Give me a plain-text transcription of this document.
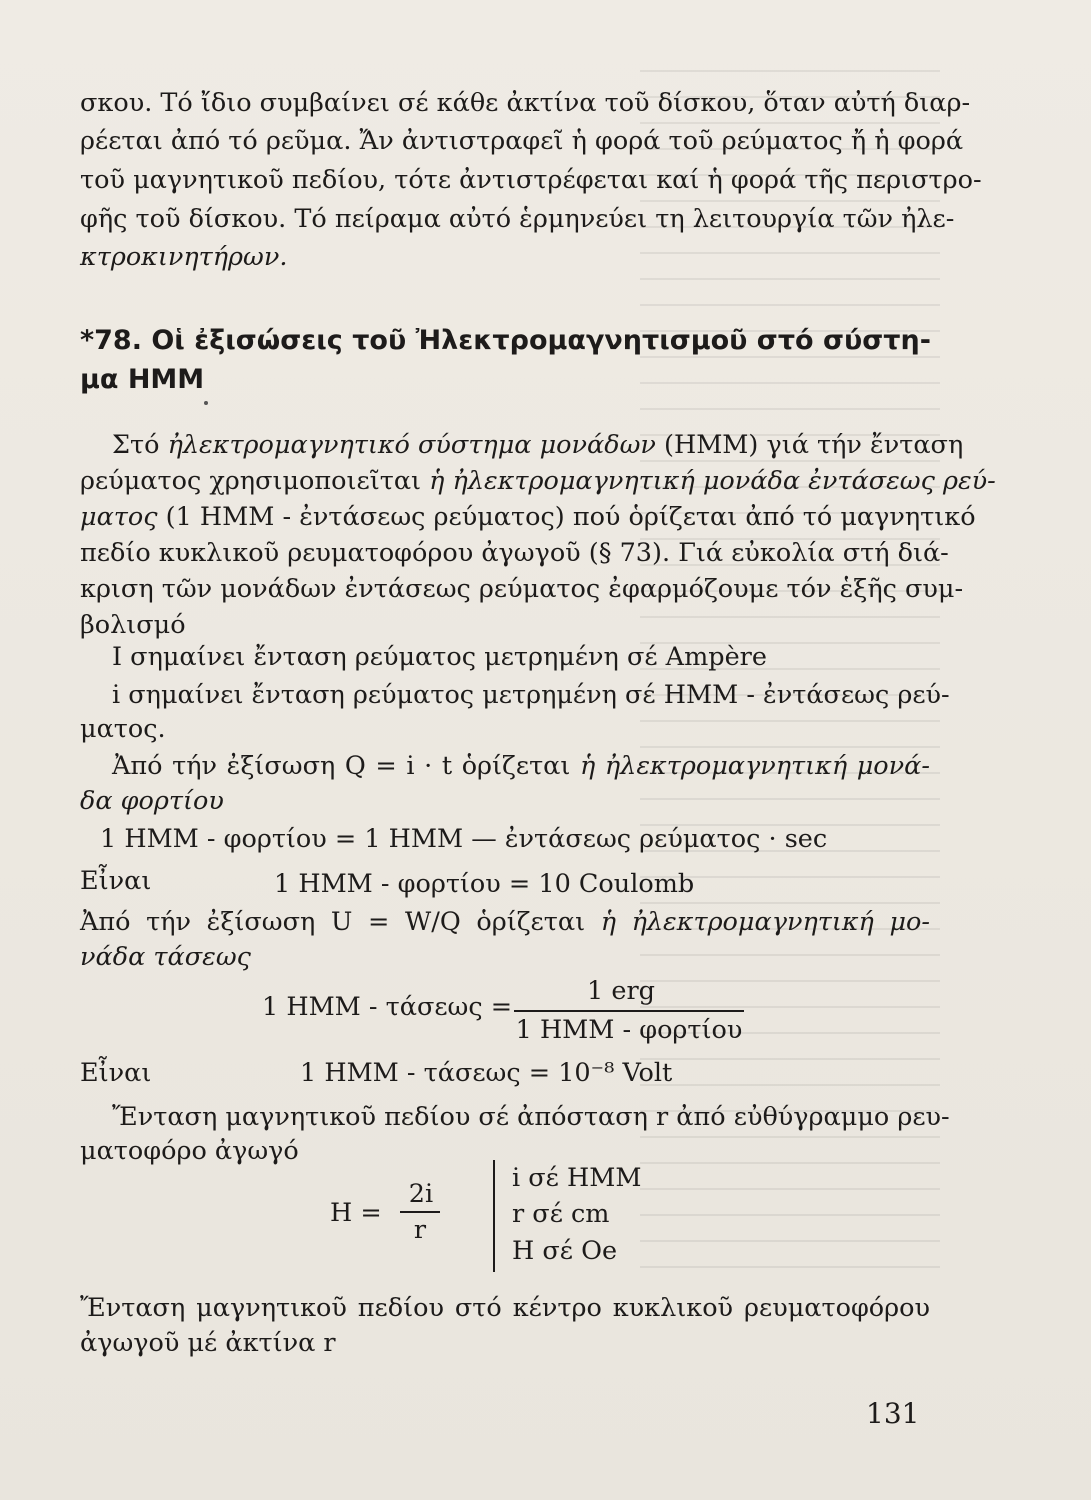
σκου. Τό ἴδιο συμβαίνει σέ κάθε ἀκτίνα τοῦ δίσκου, ὅταν αὐτή διαρ-
ρέεται ἀπό τό ρεῦμα. Ἄν ἀντιστραφεῖ ἡ φορά τοῦ ρεύματος ἤ ἡ φορά
τοῦ μαγνητικοῦ πεδίου, τότε ἀντιστρέφεται καί ἡ φορά τῆς περιστρο-
φῆς τοῦ δίσκου. Τό πείραμα αὐτό ἑρμηνεύει τη λειτουργία τῶν ἠλε-
κτροκινητήρων.
*78. Οἱ ἐξισώσεις τοῦ Ἠλεκτρομαγνητισμοῦ στό σύστη-
μα ΗΜΜ
Στό ἠλεκτρομαγνητικό σύστημα μονάδων (ΗΜΜ) γιά τήν ἔνταση
ρεύματος χρησιμοποιεῖται ἡ ἠλεκτρομαγνητική μονάδα ἐντάσεως ρεύ-
ματος (1 ΗΜΜ - ἐντάσεως ρεύματος) πού ὁρίζεται ἀπό τό μαγνητικό
πεδίο κυκλικοῦ ρευματοφόρου ἀγωγοῦ (§ 73). Γιά εὐκολία στή διά-
κριση τῶν μονάδων ἐντάσεως ρεύματος ἐφαρμόζουμε τόν ἑξῆς συμ-
βολισμό
Ι σημαίνει ἔνταση ρεύματος μετρημένη σέ Ampère
i σημαίνει ἔνταση ρεύματος μετρημένη σέ ΗΜΜ - ἐντάσεως ρεύ-
ματος.
Ἀπό τήν ἐξίσωση Q = i · t ὁρίζεται ἡ ἠλεκτρομαγνητική μονά-
δα φορτίου
1 ΗΜΜ - φορτίου = 1 ΗΜΜ — ἐντάσεως ρεύματος · sec
Εἶναι	1 ΗΜΜ - φορτίου = 10 Coulomb
Ἀπό τήν ἐξίσωση U = W/Q ὁρίζεται ἡ ἠλεκτρομαγνητική μο-
νάδα τάσεως
1 ΗΜΜ - τάσεως =
1 erg
1 ΗΜΜ - φορτίου
Εἶναι	1 ΗΜΜ - τάσεως = 10⁻⁸ Volt
Ἔνταση μαγνητικοῦ πεδίου σέ ἀπόσταση r ἀπό εὐθύγραμμο ρευ-
ματοφόρο ἀγωγό
H =
2i
r
i σέ ΗΜΜ
r σέ cm
H σέ Oe
Ἔνταση μαγνητικοῦ πεδίου στό κέντρο κυκλικοῦ ρευματοφόρου
ἀγωγοῦ μέ ἀκτίνα r
131
